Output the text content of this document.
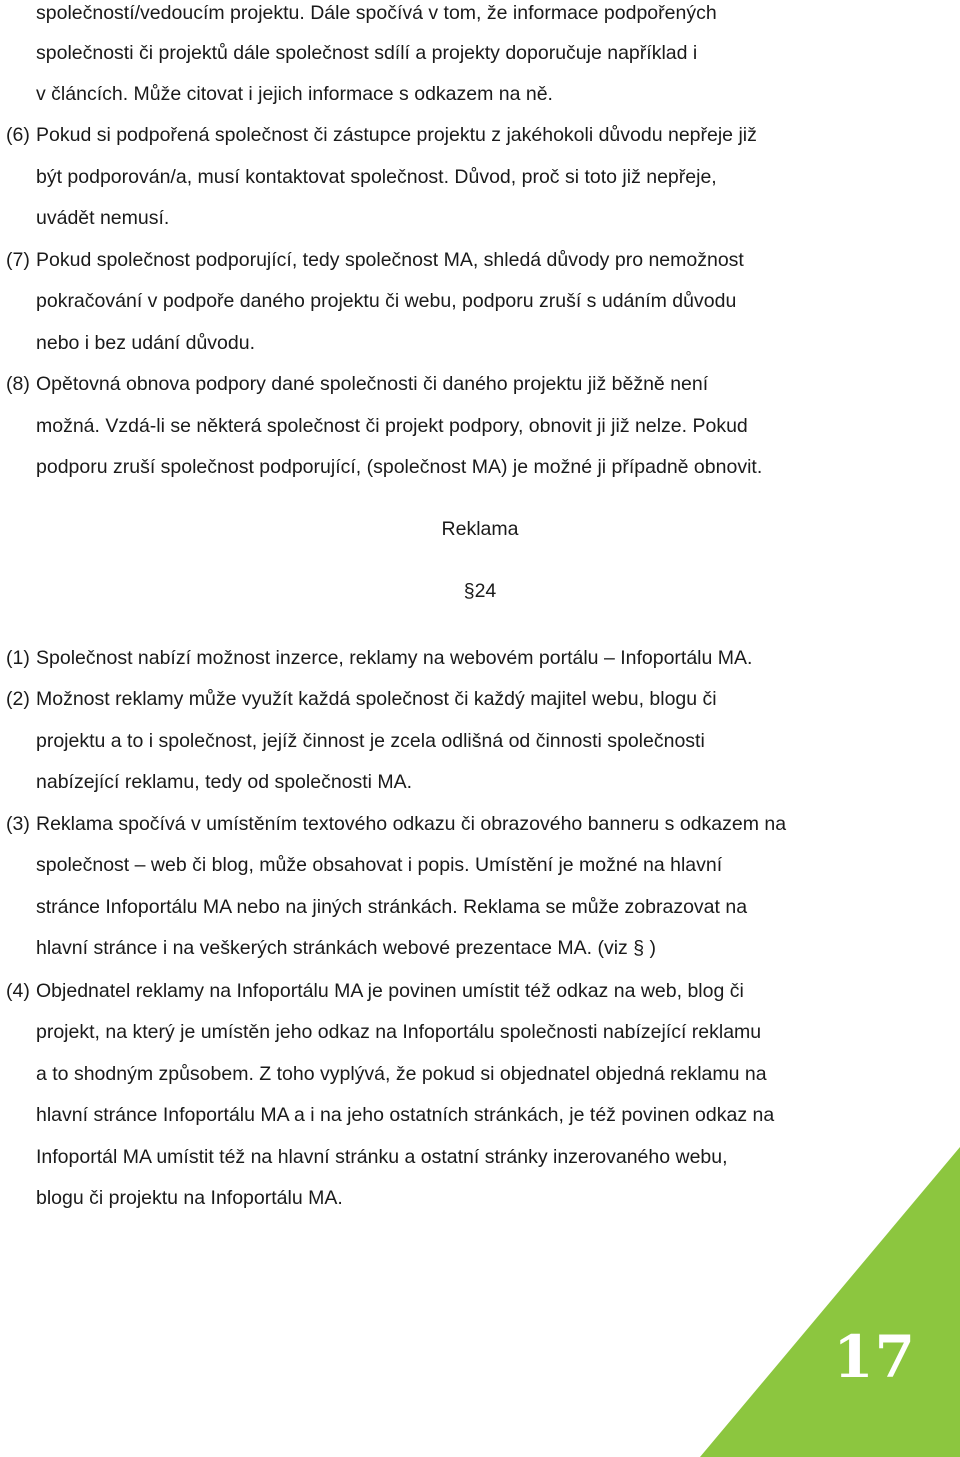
společností/vedoucím projektu. Dále spočívá v tom, že informace podpořených
společnosti či projektů dále společnost sdílí a projekty doporučuje například i
v článcích. Může citovat i jejich informace s odkazem na ně.
(6) Pokud si podpořená společnost či zástupce projektu z jakéhokoli důvodu nepřeje již
být podporován/a, musí kontaktovat společnost. Důvod, proč si toto již nepřeje,
uvádět nemusí.
(7) Pokud společnost podporující, tedy společnost MA, shledá důvody pro nemožnost
pokračování v podpoře daného projektu či webu, podporu zruší s udáním důvodu
nebo i bez udání důvodu.
(8) Opětovná obnova podpory dané společnosti či daného projektu již běžně není
možná. Vzdá-li se některá společnost či projekt podpory, obnovit ji již nelze. Pokud
podporu zruší společnost podporující, (společnost MA) je možné ji případně obnovit.
Reklama
§24
(1) Společnost nabízí možnost inzerce, reklamy na webovém portálu – Infoportálu MA.
(2) Možnost reklamy může využít každá společnost či každý majitel webu, blogu či
projektu a to i společnost, jejíž činnost je zcela odlišná od činnosti společnosti
nabízející reklamu, tedy od společnosti MA.
(3) Reklama spočívá v umístěním textového odkazu či obrazového banneru s odkazem na
společnost – web či blog, může obsahovat i popis. Umístění je možné na hlavní
stránce Infoportálu MA nebo na jiných stránkách. Reklama se může zobrazovat na
hlavní stránce i na veškerých stránkách webové prezentace MA. (viz § )
(4) Objednatel reklamy na Infoportálu MA je povinen umístit též odkaz na web, blog či
projekt, na který je umístěn jeho odkaz na Infoportálu společnosti nabízející reklamu
a to shodným způsobem. Z toho vyplývá, že pokud si objednatel objedná reklamu na
hlavní stránce Infoportálu MA a i na jeho ostatních stránkách, je též povinen odkaz na
Infoportál MA umístit též na hlavní stránku a ostatní stránky inzerovaného webu,
blogu či projektu na Infoportálu MA.
17
